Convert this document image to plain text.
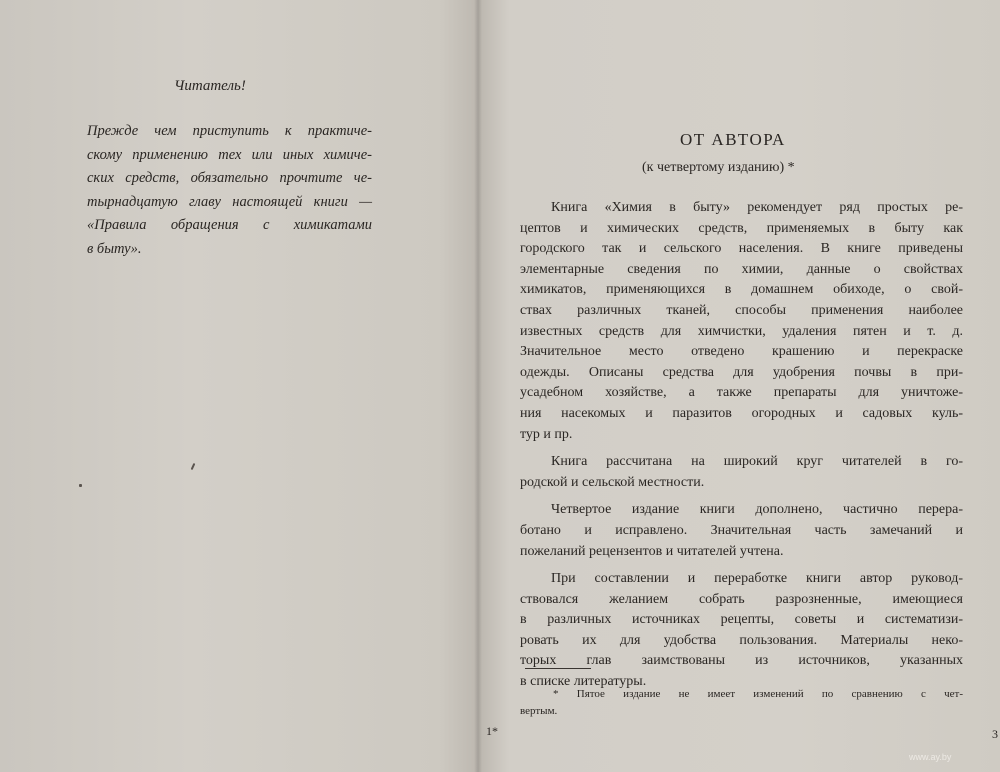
Читатель!
Прежде чем приступить к практиче-
скому применению тех или иных химиче-
ских средств, обязательно прочтите че-
тырнадцатую главу настоящей книги —
«Правила обращения с химикатами
в быту».
ОТ АВТОРА
(к четвертому изданию) *

Книга «Химия в быту» рекомендует ряд простых ре-
цептов и химических средств, применяемых в быту как
городского так и сельского населения. В книге приведены
элементарные сведения по химии, данные о свойствах
химикатов, применяющихся в домашнем обиходе, о свой-
ствах различных тканей, способы применения наиболее
известных средств для химчистки, удаления пятен и т. д.
Значительное место отведено крашению и перекраске
одежды. Описаны средства для удобрения почвы в при-
усадебном хозяйстве, а также препараты для уничтоже-
ния насекомых и паразитов огородных и садовых куль-
тур и пр.

Книга рассчитана на широкий круг читателей в го-
родской и сельской местности.

Четвертое издание книги дополнено, частично перера-
ботано и исправлено. Значительная часть замечаний и
пожеланий рецензентов и читателей учтена.

При составлении и переработке книги автор руковод-
ствовался желанием собрать разрозненные, имеющиеся
в различных источниках рецепты, советы и систематизи-
ровать их для удобства пользования. Материалы неко-
торых глав заимствованы из источников, указанных
в списке литературы.

* Пятое издание не имеет изменений по сравнению с чет-
вертым.
1*	3
www.ay.by
